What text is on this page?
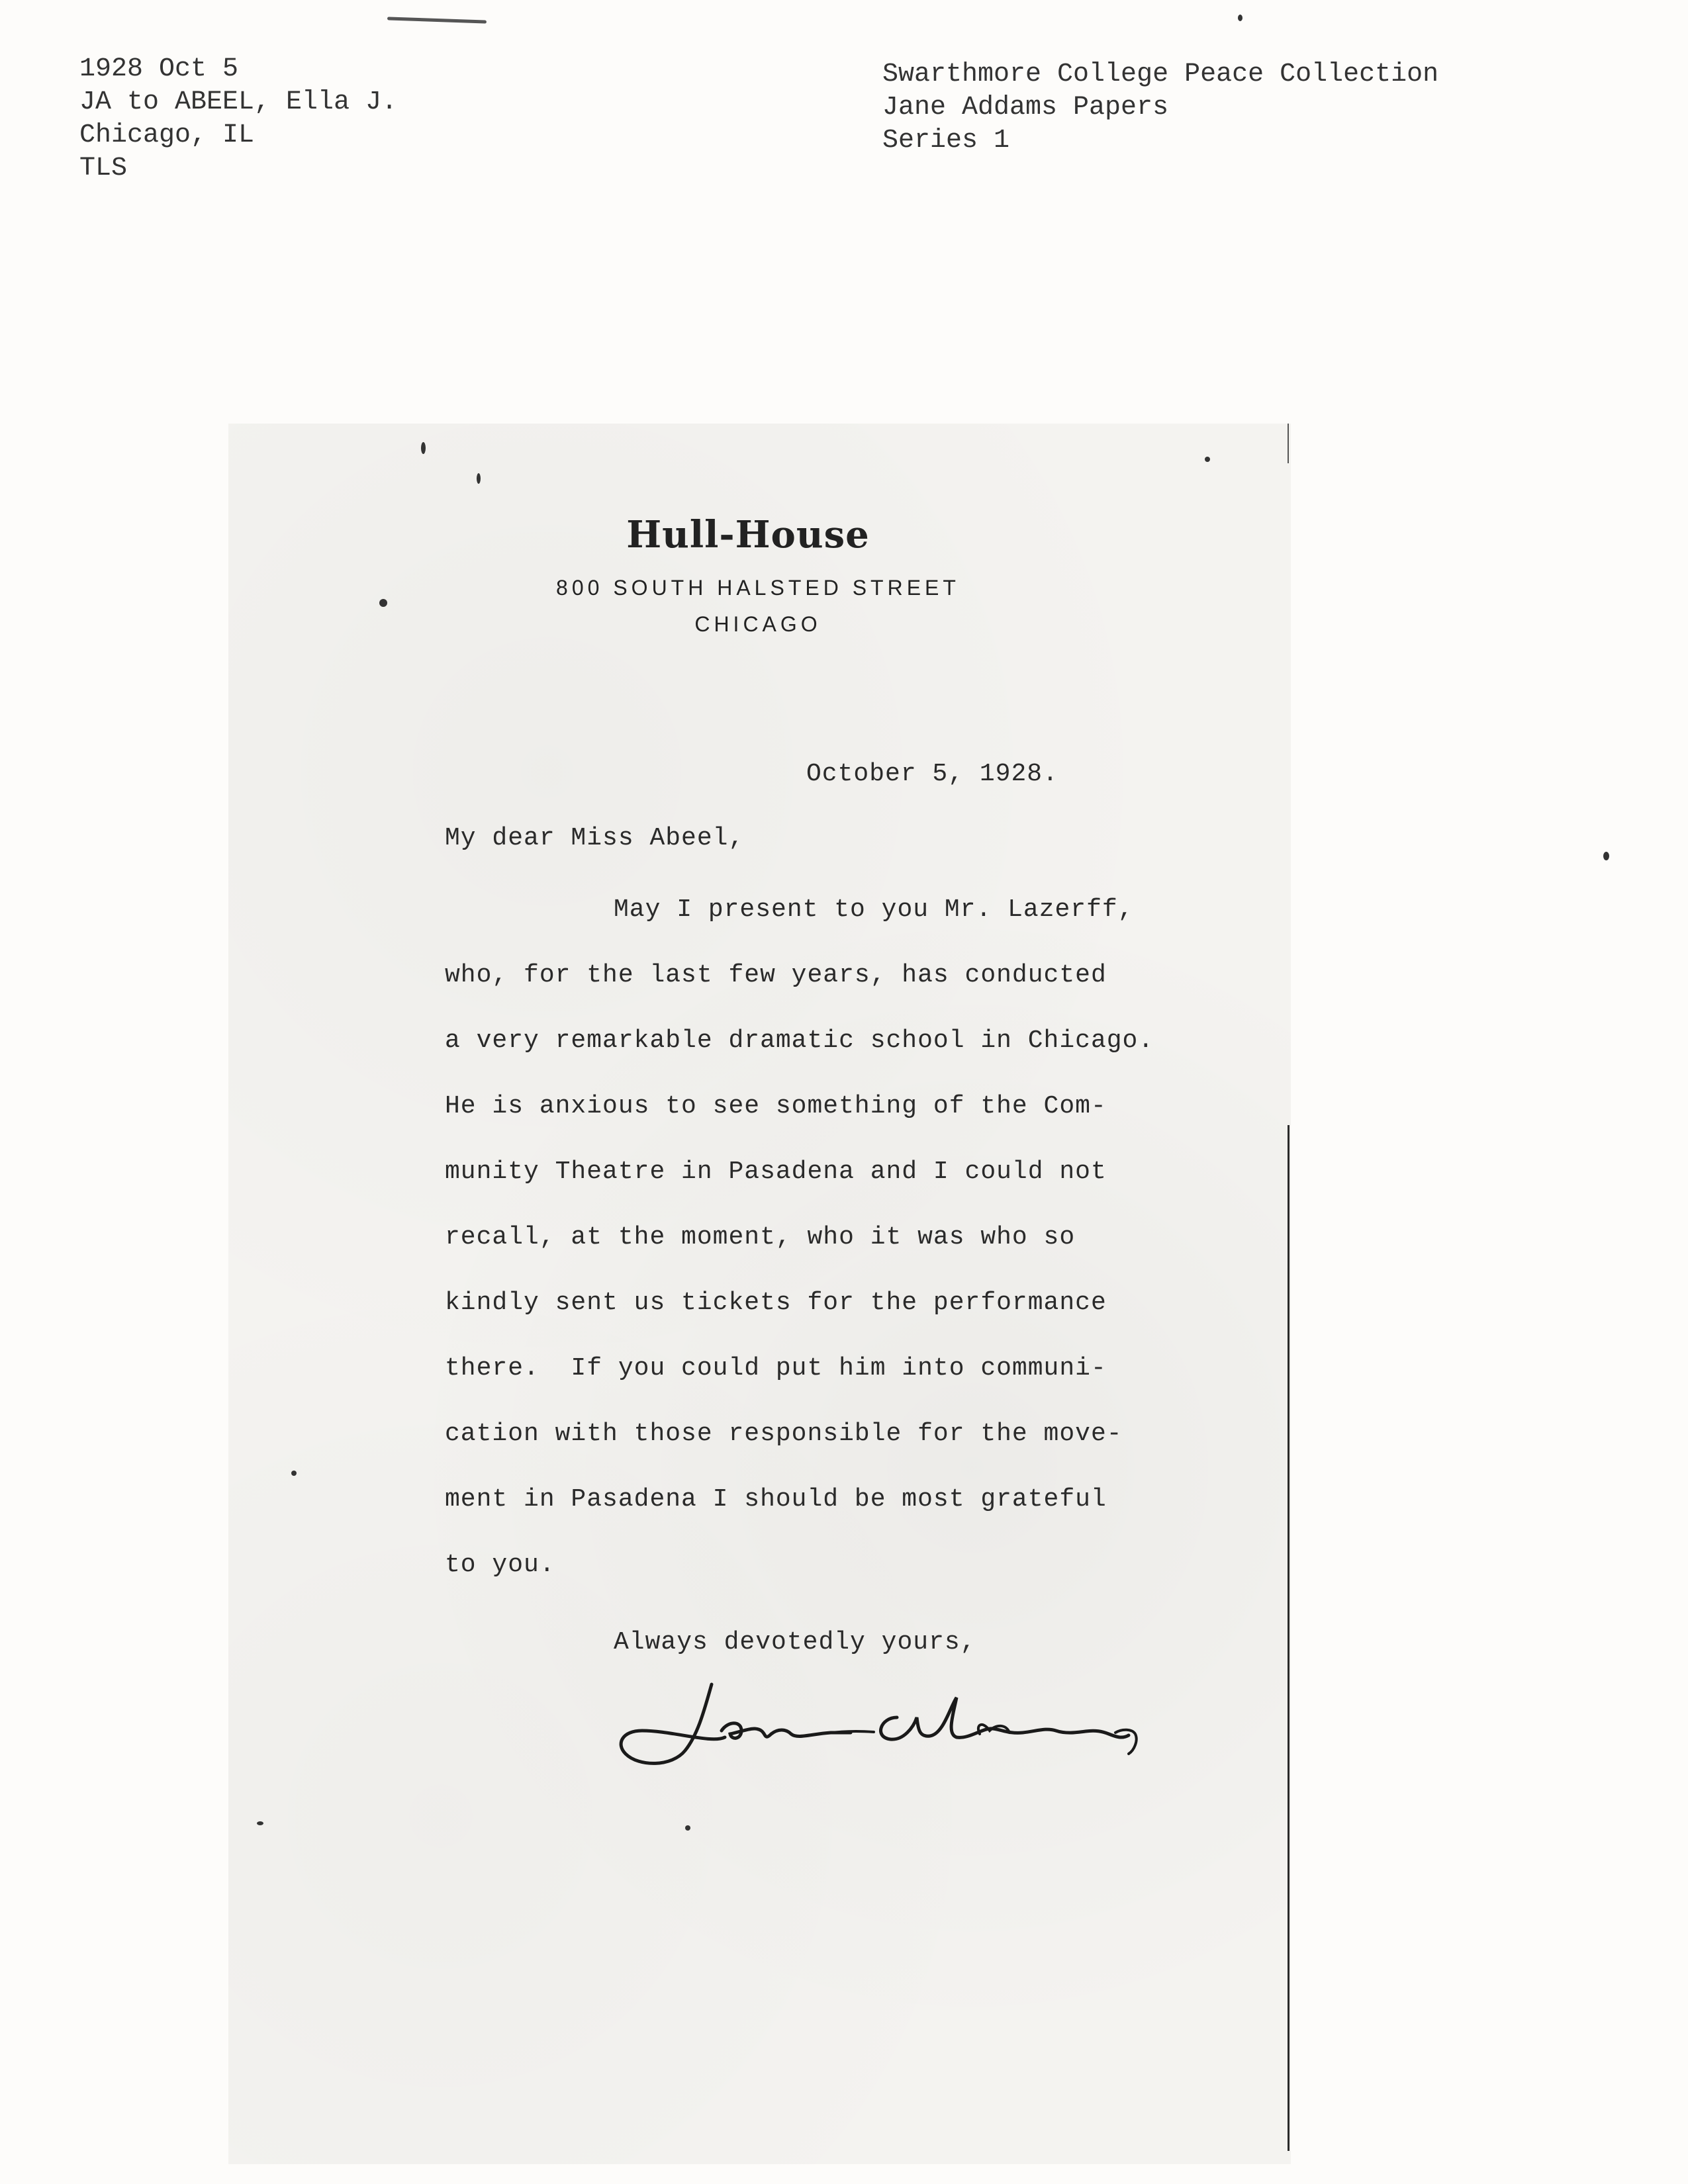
1928 Oct 5
JA to ABEEL, Ella J.
Chicago, IL
TLS
Swarthmore College Peace Collection
Jane Addams Papers
Series 1
Hull-House
800 SOUTH HALSTED STREET
CHICAGO
October 5, 1928.
My dear Miss Abeel,
May I present to you Mr. Lazerff,
who, for the last few years, has conducted
a very remarkable dramatic school in Chicago.
He is anxious to see something of the Com-
munity Theatre in Pasadena and I could not
recall, at the moment, who it was who so
kindly sent us tickets for the performance
there.  If you could put him into communi-
cation with those responsible for the move-
ment in Pasadena I should be most grateful
to you.
Always devotedly yours,
